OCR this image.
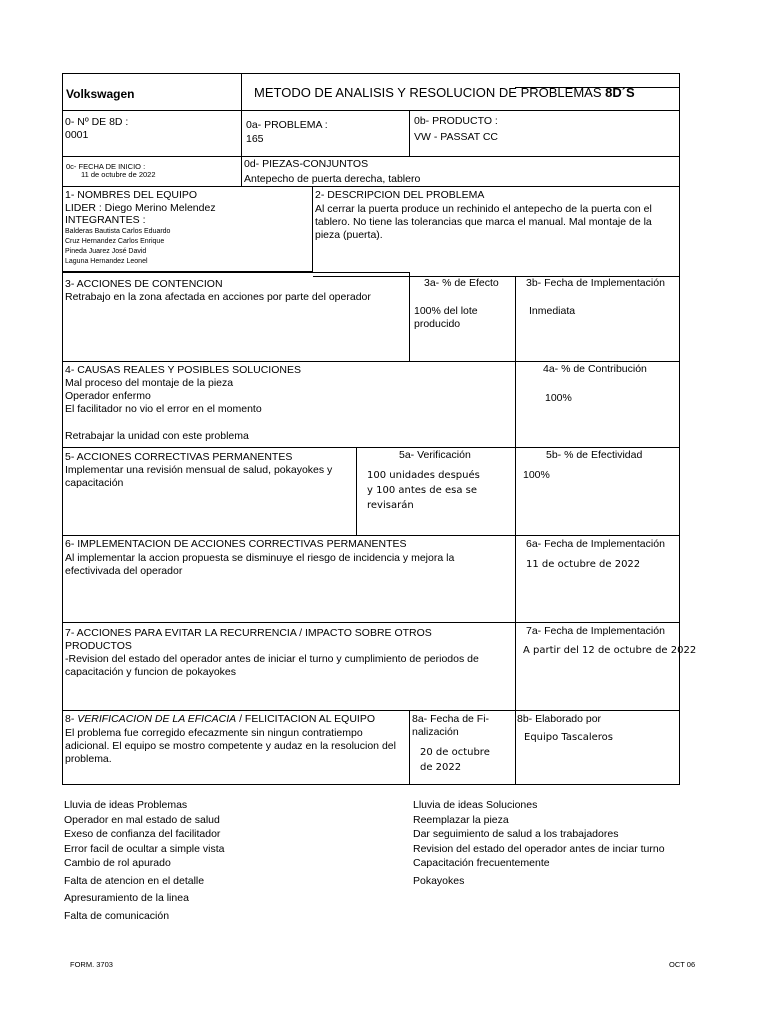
Volkswagen	METODO DE ANALISIS Y RESOLUCION DE PROBLEMAS 8D´S
0- Nº DE 8D :
0001
0a- PROBLEMA :
165
0b- PRODUCTO :
VW - PASSAT CC
0c- FECHA DE INICIO :
11 de octubre de 2022
0d- PIEZAS-CONJUNTOS
Antepecho de puerta derecha, tablero
1- NOMBRES DEL EQUIPO
LIDER : Diego Merino Melendez
INTEGRANTES :
Balderas Bautista Carlos Eduardo
Cruz Hernandez Carlos Enrique
Pineda Juarez José David
Laguna Hernandez Leonel
2- DESCRIPCION DEL PROBLEMA
Al cerrar la puerta produce un rechinido el antepecho de la puerta con el tablero. No tiene las tolerancias que marca el manual. Mal montaje de la pieza (puerta).
3- ACCIONES DE CONTENCION
Retrabajo en la zona afectada en acciones por parte del operador
3a- % de Efecto
100% del lote
producido
3b- Fecha de Implementación
Inmediata
4- CAUSAS REALES Y POSIBLES SOLUCIONES
Mal proceso del montaje de la pieza
Operador enfermo
El facilitador no vio el error en el momento
Retrabajar la unidad con este problema
4a- % de Contribución
100%
5- ACCIONES CORRECTIVAS PERMANENTES
Implementar una revisión mensual de salud, pokayokes y capacitación
5a- Verificación
100 unidades después
y 100 antes de esa se
revisarán
5b- % de Efectividad
100%
6- IMPLEMENTACION DE ACCIONES CORRECTIVAS PERMANENTES
Al implementar la accion propuesta se disminuye el riesgo de incidencia y mejora la efectivivada del operador
6a- Fecha de Implementación
11 de octubre de 2022
7- ACCIONES PARA EVITAR LA RECURRENCIA / IMPACTO SOBRE OTROS PRODUCTOS
-Revision del estado del operador antes de iniciar el turno y cumplimiento de periodos de capacitación y funcion de pokayokes
7a- Fecha de Implementación
A partir del 12 de octubre de 2022
8- VERIFICACION DE LA EFICACIA / FELICITACION AL EQUIPO
El problema fue corregido efecazmente sin ningun contratiempo adicional. El equipo se mostro competente y audaz en la resolucion del problema.
8a- Fecha de Fi-
nalización
20 de octubre
de 2022
8b- Elaborado por
Equipo Tascaleros
Lluvia de ideas Problemas
Operador en mal estado de salud
Exeso de confianza del facilitador
Error facil de ocultar a simple vista
Cambio de rol apurado
Falta de atencion en el detalle
Apresuramiento de la linea
Falta de comunicación
Lluvia de ideas Soluciones
Reemplazar la pieza
Dar seguimiento de salud a los trabajadores
Revision del estado del operador antes de inciar turno
Capacitación frecuentemente
Pokayokes
FORM. 3703	OCT 06
